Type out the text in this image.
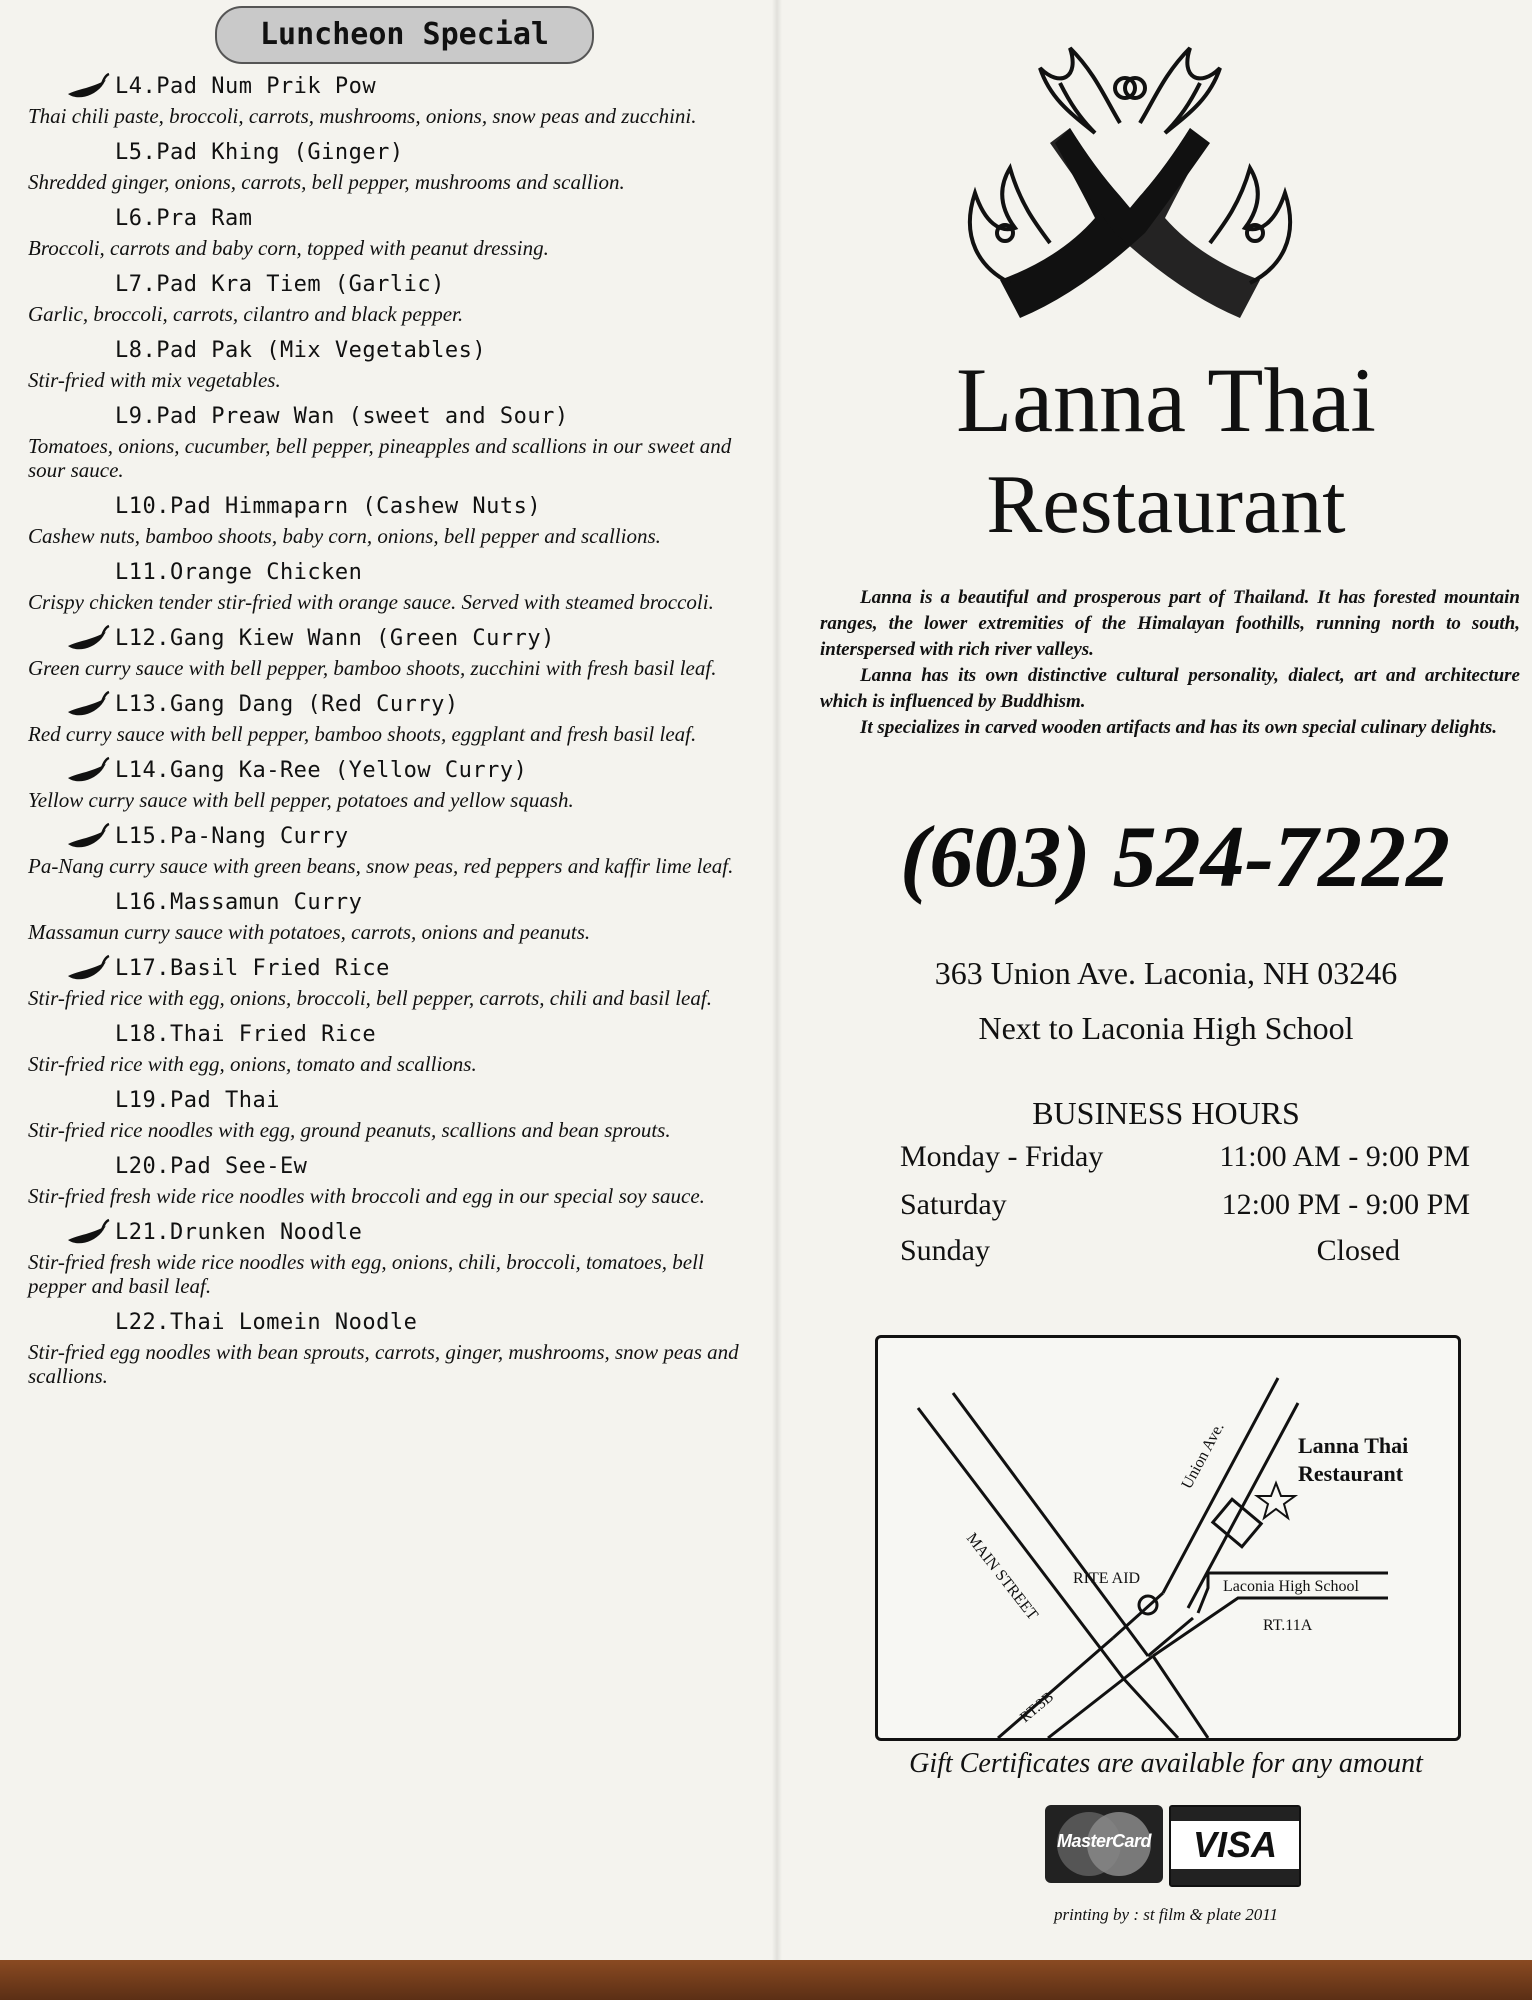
Luncheon Special
L4.Pad Num Prik Pow
Thai chili paste, broccoli, carrots, mushrooms, onions, snow peas and zucchini.
L5.Pad Khing (Ginger)
Shredded ginger, onions, carrots, bell pepper, mushrooms and scallion.
L6.Pra Ram
Broccoli, carrots and baby corn, topped with peanut dressing.
L7.Pad Kra Tiem (Garlic)
Garlic, broccoli, carrots, cilantro and black pepper.
L8.Pad Pak (Mix Vegetables)
Stir-fried with mix vegetables.
L9.Pad Preaw Wan (sweet and Sour)
Tomatoes, onions, cucumber, bell pepper, pineapples and scallions in our sweet and sour sauce.
L10.Pad Himmaparn (Cashew Nuts)
Cashew nuts, bamboo shoots, baby corn, onions, bell pepper and scallions.
L11.Orange Chicken
Crispy chicken tender stir-fried with orange sauce. Served with steamed broccoli.
L12.Gang Kiew Wann (Green Curry)
Green curry sauce with bell pepper, bamboo shoots, zucchini with fresh basil leaf.
L13.Gang Dang (Red Curry)
Red curry sauce with bell pepper, bamboo shoots, eggplant and fresh basil leaf.
L14.Gang Ka-Ree (Yellow Curry)
Yellow curry sauce with bell pepper, potatoes and yellow squash.
L15.Pa-Nang Curry
Pa-Nang curry sauce with green beans, snow peas, red peppers and kaffir lime leaf.
L16.Massamun Curry
Massamun curry sauce with potatoes, carrots, onions and peanuts.
L17.Basil Fried Rice
Stir-fried rice with egg, onions, broccoli, bell pepper, carrots, chili and basil leaf.
L18.Thai Fried Rice
Stir-fried rice with egg, onions, tomato and scallions.
L19.Pad Thai
Stir-fried rice noodles with egg, ground peanuts, scallions and bean sprouts.
L20.Pad See-Ew
Stir-fried fresh wide rice noodles with broccoli and egg in our special soy sauce.
L21.Drunken Noodle
Stir-fried fresh wide rice noodles with egg, onions, chili, broccoli, tomatoes, bell pepper and basil leaf.
L22.Thai Lomein Noodle
Stir-fried egg noodles with bean sprouts, carrots, ginger, mushrooms, snow peas and scallions.
Lanna Thai
Restaurant

Lanna is a beautiful and prosperous part of Thailand. It has forested mountain ranges, the lower extremities of the Himalayan foothills, running north to south, interspersed with rich river valleys.

Lanna has its own distinctive cultural personality, dialect, art and architecture which is influenced by Buddhism.

It specializes in carved wooden artifacts and has its own special culinary delights.

(603) 524-7222
363 Union Ave. Laconia, NH 03246
Next to Laconia High School
BUSINESS HOURS
Monday - Friday	11:00 AM - 9:00 PM
Saturday	12:00 PM - 9:00 PM
Sunday	Closed
Lanna Thai
Restaurant
Union Ave.
MAIN STREET RITE AID	Laconia High School
RT.11A
RT.3B
Gift Certificates are available for any amount
MasterCard	VISA
printing by : st film & plate 2011
